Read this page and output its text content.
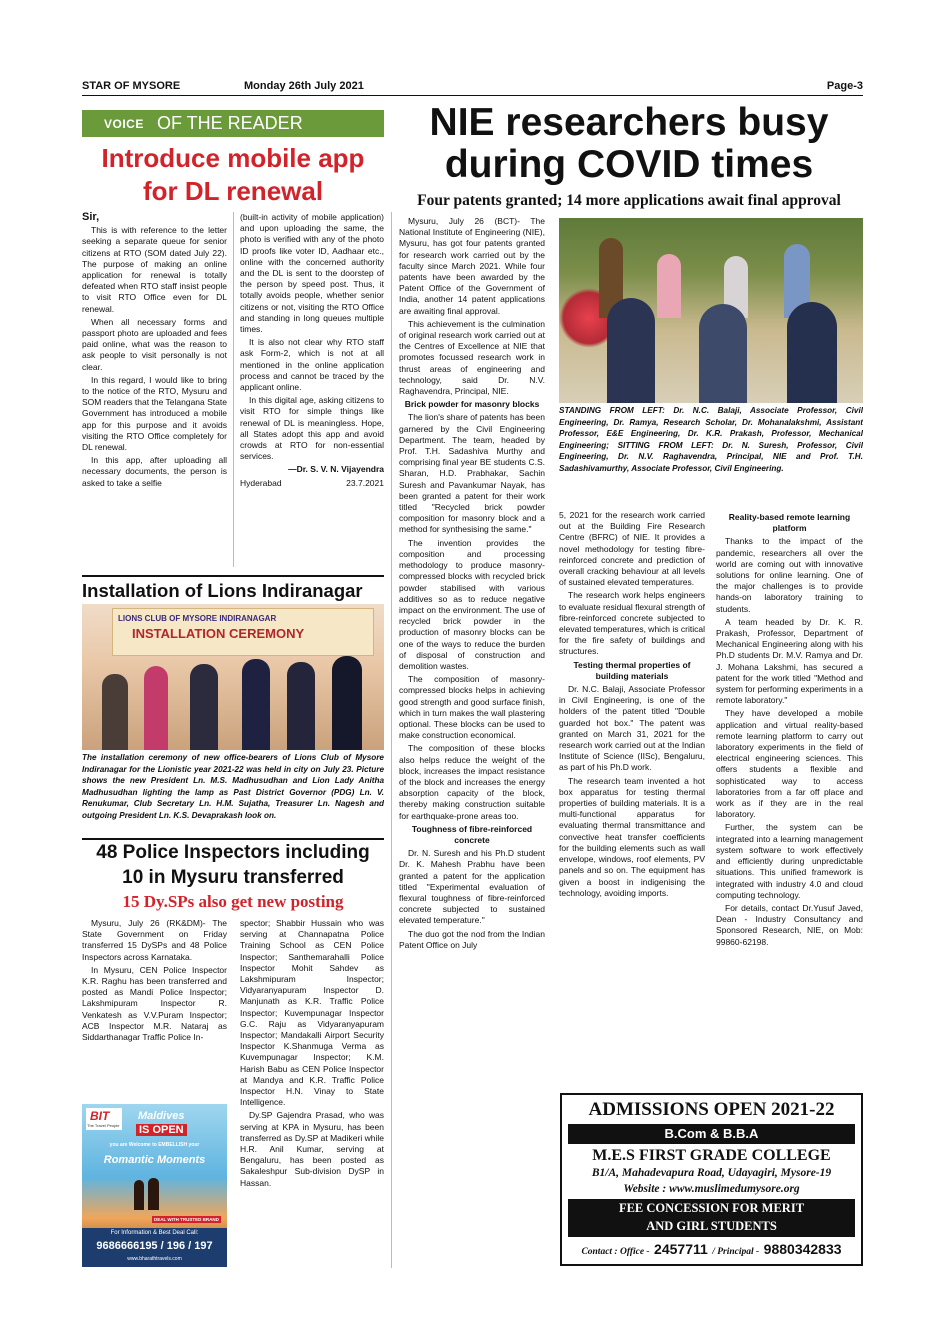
STAR OF MYSORE	Monday 26th July 2021	Page-3
VOICE OF THE READER
Introduce mobile app
for DL renewal

Sir,

This is with reference to the letter seeking a separate queue for senior citizens at RTO (SOM dated July 22). The purpose of making an online application for renewal is totally defeated when RTO staff insist people to visit RTO Office even for DL renewal.

When all necessary forms and passport photo are uploaded and fees paid online, what was the reason to ask people to visit personally is not clear.

In this regard, I would like to bring to the notice of the RTO, Mysuru and SOM readers that the Telangana State Government has introduced a mobile app for this purpose and it avoids visiting the RTO Office completely for DL renewal.

In this app, after uploading all necessary documents, the person is asked to take a selfie

(built-in activity of mobile application) and upon uploading the same, the photo is verified with any of the photo ID proofs like voter ID, Aadhaar etc., online with the concerned authority and the DL is sent to the doorstep of the person by speed post. Thus, it totally avoids people, whether senior citizens or not, visiting the RTO Office and standing in long queues multiple times.

It is also not clear why RTO staff ask Form-2, which is not at all mentioned in the online application process and cannot be traced by the applicant online.

In this digital age, asking citizens to visit RTO for simple things like renewal of DL is meaningless. Hope, all States adopt this app and avoid crowds at RTO for non-essential services.

—Dr. S. V. N. Vijayendra

Hyderabad	23.7.2021
Installation of Lions Indiranagar
LIONS CLUB OF MYSORE INDIRANAGAR
INSTALLATION CEREMONY
The installation ceremony of new office-bearers of Lions Club of Mysore Indiranagar for the Lionistic year 2021-22 was held in city on July 23. Picture shows the new President Ln. M.S. Madhusudhan and Lion Lady Anitha Madhusudhan lighting the lamp as Past District Governor (PDG) Ln. V. Renukumar, Club Secretary Ln. H.M. Sujatha, Treasurer Ln. Nagesh and outgoing President Ln. K.S. Devaprakash look on.
48 Police Inspectors including
10 in Mysuru transferred
15 Dy.SPs also get new posting

Mysuru, July 26 (RK&DM)- The State Government on Friday transferred 15 DySPs and 48 Police Inspectors across Karnataka.

In Mysuru, CEN Police Inspector K.R. Raghu has been transferred and posted as Mandi Police Inspector; Lakshmipuram Inspector R. Venkatesh as V.V.Puram Inspector; ACB Inspector M.R. Nataraj as Siddarthanagar Traffic Police In-

spector; Shabbir Hussain who was serving at Channapatna Police Training School as CEN Police Inspector; Santhemarahalli Police Inspector Mohit Sahdev as Lakshmipuram Inspector; Vidyaranyapuram Inspector D. Manjunath as K.R. Traffic Police Inspector; Kuvempunagar Inspector G.C. Raju as Vidyaranyapuram Inspector; Mandakalli Airport Security Inspector K.Shanmuga Verma as Kuvempunagar Inspector; K.M. Harish Babu as CEN Police Inspector at Mandya and K.R. Traffic Police Inspector H.N. Vinay to State Intelligence.

Dy.SP Gajendra Prasad, who was serving at KPA in Mysuru, has been transferred as Dy.SP at Madikeri while H.R. Anil Kumar, serving at Bengaluru, has been posted as Sakaleshpur Sub-division DySP in Hassan.

BIT
The Travel People
Maldives
IS OPEN
you are Welcome to EMBELLISH your
Romantic Moments
DEAL WITH TRUSTED BRAND
For Information & Best Deal Call:
9686666195 / 196 / 197
www.bharathtravels.com
NIE researchers busy
during COVID times
Four patents granted; 14 more applications await final approval

Mysuru, July 26 (BCT)- The National Institute of Engineering (NIE), Mysuru, has got four patents granted for research work carried out by the faculty since March 2021. While four patents have been awarded by the Patent Office of the Government of India, another 14 patent applications are awaiting final approval.

This achievement is the culmination of original research work carried out at the Centres of Excellence at NIE that promotes focussed research work in thrust areas of engineering and technology, said Dr. N.V. Raghavendra, Principal, NIE.

Brick powder for masonry blocks

The lion's share of patents has been garnered by the Civil Engineering Department. The team, headed by Prof. T.H. Sadashiva Murthy and comprising final year BE students C.S. Sharan, H.D. Prabhakar, Sachin Suresh and Pavankumar Nayak, has been granted a patent for their work titled "Recycled brick powder composition for masonry block and a method for synthesising the same."

The invention provides the composition and processing methodology to produce masonry-compressed blocks with recycled brick powder stabilised with various additives so as to reduce negative impact on the environment. The use of recycled brick powder in the production of masonry blocks can be one of the ways to reduce the burden of disposal of construction and demolition wastes.

The composition of masonry-compressed blocks helps in achieving good strength and good surface finish, which in turn makes the wall plastering optional. These blocks can be used to make construction economical.

The composition of these blocks also helps reduce the weight of the block, increases the impact resistance of the block and increases the energy absorption capacity of the block, thereby making construction suitable for earthquake-prone areas too.

Toughness of fibre-reinforced concrete

Dr. N. Suresh and his Ph.D student Dr. K. Mahesh Prabhu have been granted a patent for the application titled "Experimental evaluation of flexural toughness of fibre-reinforced concrete subjected to sustained elevated temperature."

The duo got the nod from the Indian Patent Office on July

STANDING FROM LEFT: Dr. N.C. Balaji, Associate Professor, Civil Engineering, Dr. Ramya, Research Scholar, Dr. Mohanalakshmi, Assistant Professor, E&E Engineering, Dr. K.R. Prakash, Professor, Mechanical Engineering; SITTING FROM LEFT: Dr. N. Suresh, Professor, Civil Engineering, Dr. N.V. Raghavendra, Principal, NIE and Prof. T.H. Sadashivamurthy, Associate Professor, Civil Engineering.

5, 2021 for the research work carried out at the Building Fire Research Centre (BFRC) of NIE. It provides a novel methodology for testing fibre-reinforced concrete and prediction of overall cracking behaviour at all levels of sustained elevated temperatures.

The research work helps engineers to evaluate residual flexural strength of fibre-reinforced concrete subjected to elevated temperatures, which is critical for the fire safety of buildings and structures.

Testing thermal properties of building materials

Dr. N.C. Balaji, Associate Professor in Civil Engineering, is one of the holders of the patent titled "Double guarded hot box." The patent was granted on March 31, 2021 for the research work carried out at the Indian Institute of Science (IISc), Bengaluru, as part of his Ph.D work.

The research team invented a hot box apparatus for testing thermal properties of building materials. It is a multi-functional apparatus for evaluating thermal transmittance and convective heat transfer coefficients for the building elements such as wall envelope, windows, roof elements, PV panels and so on. The equipment has given a boost in indigenising the technology, avoiding imports.

Reality-based remote learning platform

Thanks to the impact of the pandemic, researchers all over the world are coming out with innovative solutions for online learning. One of the major challenges is to provide hands-on laboratory training to students.

A team headed by Dr. K. R. Prakash, Professor, Department of Mechanical Engineering along with his Ph.D students Dr. M.V. Ramya and Dr. J. Mohana Lakshmi, has secured a patent for the work titled "Method and system for performing experiments in a remote laboratory."

They have developed a mobile application and virtual reality-based remote learning platform to carry out laboratory experiments in the field of electrical engineering sciences. This offers students a flexible and sophisticated way to access laboratories from a far off place and work as if they are in the real laboratory.

Further, the system can be integrated into a learning management system software to work effectively and efficiently during unpredictable situations. This unified framework is integrated with industry 4.0 and cloud computing technology.

For details, contact Dr.Yusuf Javed, Dean - Industry Consultancy and Sponsored Research, NIE, on Mob: 99860-62198.

ADMISSIONS OPEN 2021-22
B.Com & B.B.A
M.E.S FIRST GRADE COLLEGE
B1/A, Mahadevapura Road, Udayagiri, Mysore-19
Website : www.muslimedumysore.org
FEE CONCESSION FOR MERIT
AND GIRL STUDENTS
Contact : Office - 2457711 / Principal - 9880342833
